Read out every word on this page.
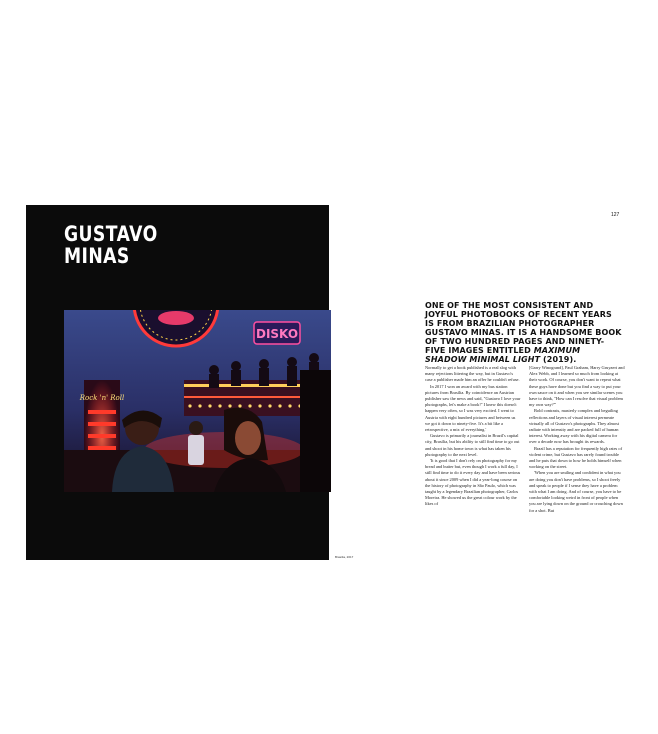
GUSTAVO
MINAS
DISKO
Rock 'n' Roll
Brasília, 2017
127

ONE OF THE MOST CONSISTENT AND JOYFUL PHOTOBOOKS OF RECENT YEARS IS FROM BRAZILIAN PHOTOGRAPHER GUSTAVO MINAS. IT IS A HANDSOME BOOK OF TWO HUNDRED PAGES AND NINETY-FIVE IMAGES ENTITLED MAXIMUM SHADOW MINIMAL LIGHT (2019).

Normally to get a book published is a real slog with many rejections littering the way, but in Gustavo's case a publisher made him an offer he couldn't refuse.

In 2017 I won an award with my bus station pictures from Brasília. By coincidence an Austrian publisher saw the news and said, "Gustavo I love your photographs, let's make a book!" I knew this doesn't happen very often, so I was very excited. I went to Austria with eight hundred pictures and between us we got it down to ninety-five. It's a bit like a retrospective, a mix of everything.'

Gustavo is primarily a journalist in Brazil's capital city, Brasília, but his ability to still find time to go out and shoot in his home town is what has taken his photography to the next level.

'It is good that I don't rely on photography for my bread and butter but, even though I work a full day, I still find time to do it every day and have been serious about it since 2009 when I did a year-long course on the history of photography in São Paulo, which was taught by a legendary Brazilian photographer, Carlos Moreira. He showed us the great colour work by the likes of

[Garry Winogrand], Paul Graham, Harry Gruyaert and Alex Webb, and I learned so much from looking at their work. Of course, you don't want to repeat what these guys have done but you find a way to put your own sauce on it and when you see similar scenes you have to think, "How can I resolve that visual problem my own way?"'

Bold contrasts, masterly complex and beguiling reflections and layers of visual interest permeate virtually all of Gustavo's photographs. They almost radiate with intensity and are packed full of human interest. Working away with his digital camera for over a decade now has brought its rewards.

Brazil has a reputation for frequently high rates of violent crime, but Gustavo has rarely found trouble and he puts that down to how he holds himself when working on the street.

'When you are smiling and confident in what you are doing you don't have problems, so I shoot freely and speak to people if I sense they have a problem with what I am doing. And of course, you have to be comfortable looking weird in front of people when you are lying down on the ground or crouching down for a shot. But
